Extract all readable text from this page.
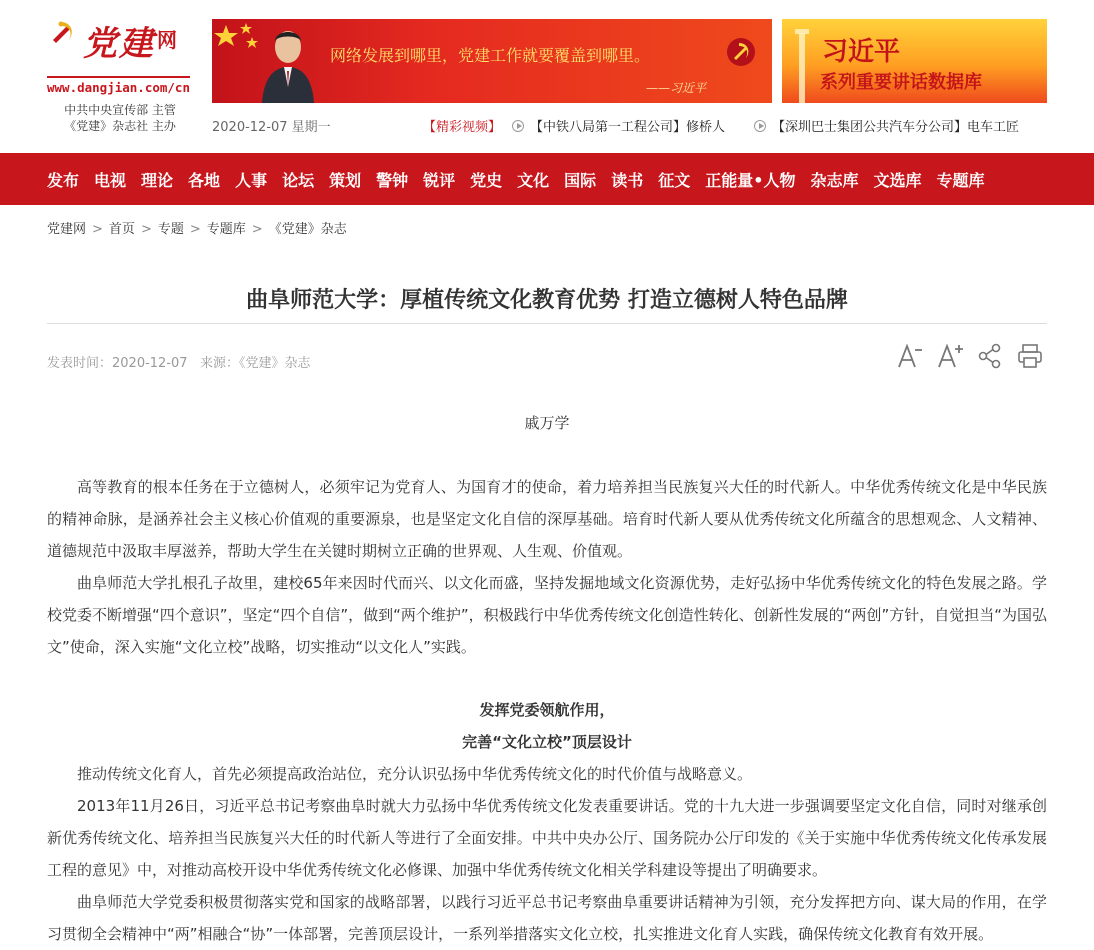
党建 $^网$
www.dangjian.com/cn
中共中央宣传部 主管
《党建》杂志社 主办
网络发展到哪里，党建工作就要覆盖到哪里。
——习近平
习近平
系列重要讲话数据库
2020-12-07 星期一	【精彩视频】	【中铁八局第一工程公司】修桥人	【深圳巴士集团公共汽车分公司】电车工匠
发布 电视 理论 各地 人事 论坛 策划 警钟 锐评 党史 文化 国际 读书 征文 正能量•人物 杂志库 文选库 专题库
党建网 > 首页 > 专题 > 专题库 > 《党建》杂志
曲阜师范大学：厚植传统文化教育优势 打造立德树人特色品牌
发表时间：2020-12-07 来源：《党建》杂志
戚万学

高等教育的根本任务在于立德树人，必须牢记为党育人、为国育才的使命，着力培养担当民族复兴大任的时代新人。中华优秀传统文化是中华民族的精神命脉，是涵养社会主义核心价值观的重要源泉，也是坚定文化自信的深厚基础。培育时代新人要从优秀传统文化所蕴含的思想观念、人文精神、道德规范中汲取丰厚滋养，帮助大学生在关键时期树立正确的世界观、人生观、价值观。

曲阜师范大学扎根孔子故里，建校65年来因时代而兴、以文化而盛，坚持发掘地域文化资源优势，走好弘扬中华优秀传统文化的特色发展之路。学校党委不断增强“四个意识”，坚定“四个自信”，做到“两个维护”，积极践行中华优秀传统文化创造性转化、创新性发展的“两创”方针，自觉担当“为国弘文”使命，深入实施“文化立校”战略，切实推动“以文化人”实践。

发挥党委领航作用，

完善“文化立校”顶层设计

推动传统文化育人，首先必须提高政治站位，充分认识弘扬中华优秀传统文化的时代价值与战略意义。

2013年11月26日，习近平总书记考察曲阜时就大力弘扬中华优秀传统文化发表重要讲话。党的十九大进一步强调要坚定文化自信，同时对继承创新优秀传统文化、培养担当民族复兴大任的时代新人等进行了全面安排。中共中央办公厅、国务院办公厅印发的《关于实施中华优秀传统文化传承发展工程的意见》中，对推动高校开设中华优秀传统文化必修课、加强中华优秀传统文化相关学科建设等提出了明确要求。

曲阜师范大学党委积极贯彻落实党和国家的战略部署，以践行习近平总书记考察曲阜重要讲话精神为引领，充分发挥把方向、谋大局的作用，在学习贯彻全会精神中“两”相融合“协”一体部署，完善顶层设计，一系列举措落实文化立校，扎实推进文化育人实践，确保传统文化教育有效开展。
